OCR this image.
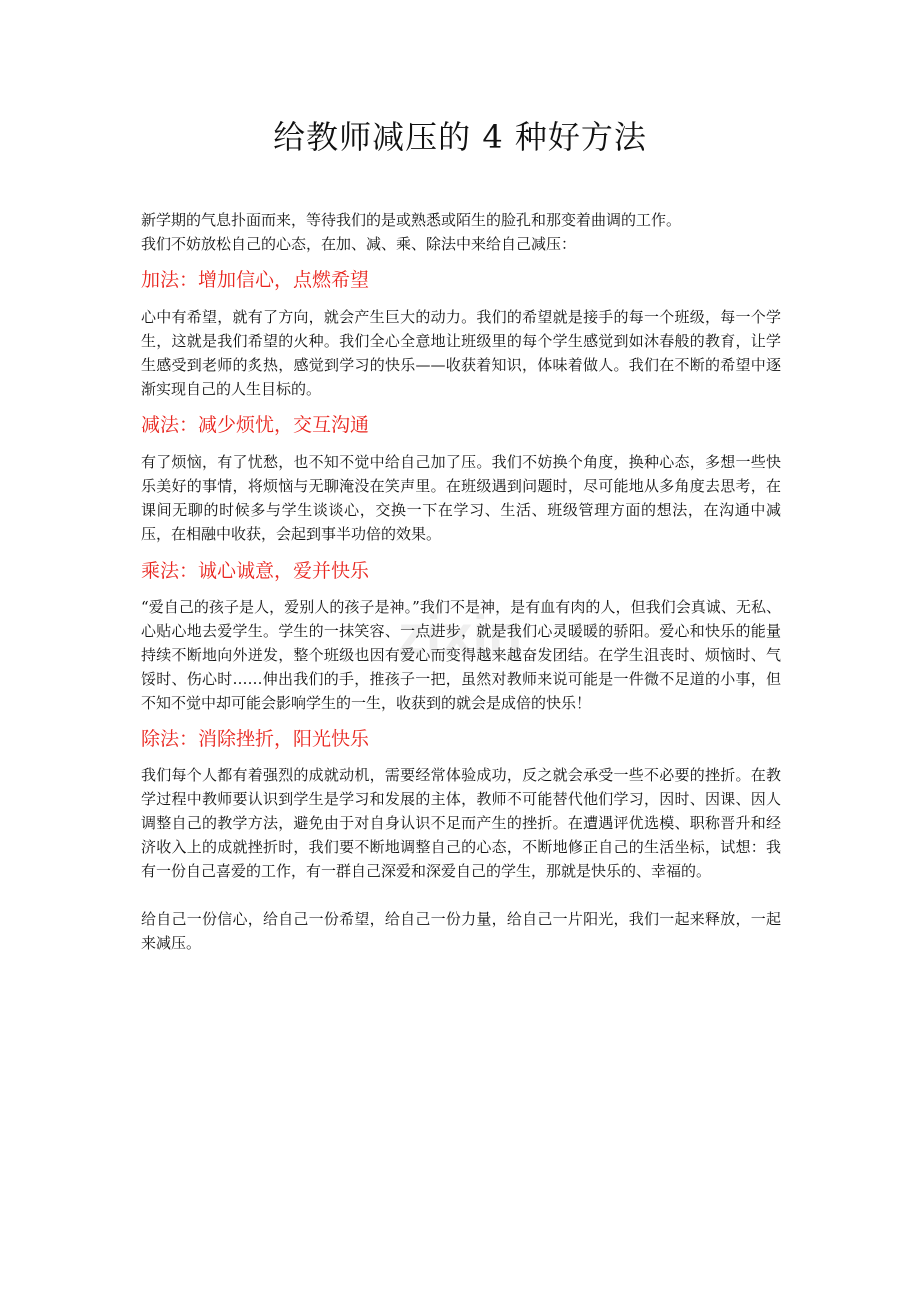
给教师减压的 4 种好方法

新学期的气息扑面而来，等待我们的是或熟悉或陌生的脸孔和那变着曲调的工作。

我们不妨放松自己的心态，在加、减、乘、除法中来给自己减压：

加法：增加信心，点燃希望

心中有希望，就有了方向，就会产生巨大的动力。我们的希望就是接手的每一个班级，每一个学生，这就是我们希望的火种。我们全心全意地让班级里的每个学生感觉到如沐春般的教育，让学生感受到老师的炙热，感觉到学习的快乐——收获着知识，体味着做人。我们在不断的希望中逐渐实现自己的人生目标的。

减法：减少烦忧，交互沟通

有了烦恼，有了忧愁，也不知不觉中给自己加了压。我们不妨换个角度，换种心态，多想一些快乐美好的事情，将烦恼与无聊淹没在笑声里。在班级遇到问题时，尽可能地从多角度去思考，在课间无聊的时候多与学生谈谈心，交换一下在学习、生活、班级管理方面的想法，在沟通中减压，在相融中收获，会起到事半功倍的效果。

乘法：诚心诚意，爱并快乐

“爱自己的孩子是人，爱别人的孩子是神。”我们不是神，是有血有肉的人，但我们会真诚、无私、心贴心地去爱学生。学生的一抹笑容、一点进步，就是我们心灵暖暖的骄阳。爱心和快乐的能量持续不断地向外迸发，整个班级也因有爱心而变得越来越奋发团结。在学生沮丧时、烦恼时、气馁时、伤心时……伸出我们的手，推孩子一把，虽然对教师来说可能是一件微不足道的小事，但不知不觉中却可能会影响学生的一生，收获到的就会是成倍的快乐！

除法：消除挫折，阳光快乐

我们每个人都有着强烈的成就动机，需要经常体验成功，反之就会承受一些不必要的挫折。在教学过程中教师要认识到学生是学习和发展的主体，教师不可能替代他们学习，因时、因课、因人调整自己的教学方法，避免由于对自身认识不足而产生的挫折。在遭遇评优选模、职称晋升和经济收入上的成就挫折时，我们要不断地调整自己的心态，不断地修正自己的生活坐标，试想：我有一份自己喜爱的工作，有一群自己深爱和深爱自己的学生，那就是快乐的、幸福的。

给自己一份信心，给自己一份希望，给自己一份力量，给自己一片阳光，我们一起来释放，一起来减压。

zixin
